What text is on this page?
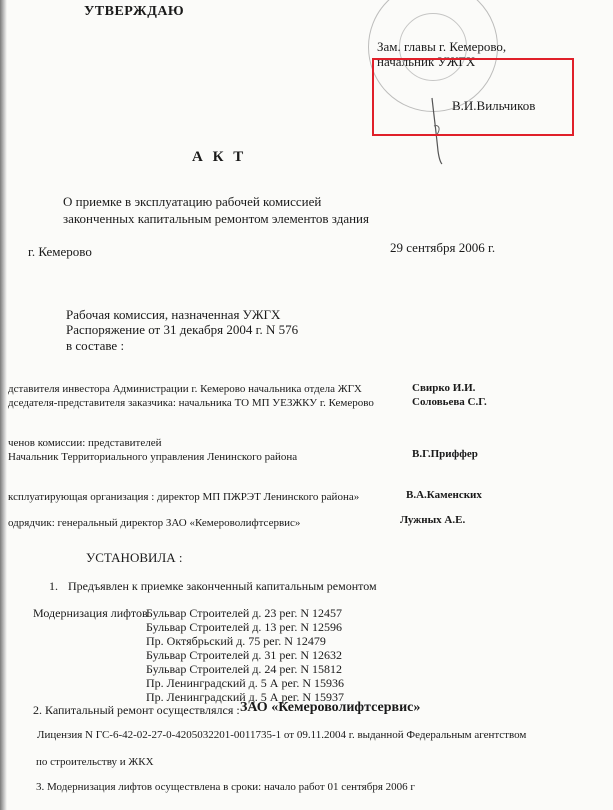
УТВЕРЖДАЮ
Зам. главы г. Кемерово,
начальник УЖГХ
В.И.Вильчиков
А К Т
О приемке в эксплуатацию рабочей комиссией
законченных капитальным ремонтом элементов здания
г. Кемерово	29 сентября 2006 г.
Рабочая комиссия, назначенная УЖГХ
Распоряжение от 31 декабря 2004 г. N 576
в составе :
дставителя инвестора Администрации г. Кемерово начальника отдела ЖГХ	Свирко И.И.
дседателя-представителя заказчика: начальника ТО МП УЕЗЖКУ г. Кемерово	Соловьева С.Г.
ченов комиссии: представителей
Начальник Территориального управления Ленинского района	В.Г.Приффер
ксплуатирующая организация : директор МП ПЖРЭТ Ленинского района»	В.А.Каменских
одрядчик: генеральный директор ЗАО «Кемероволифтсервис»	Лужных А.Е.
УСТАНОВИЛА :
1. Предъявлен к приемке законченный капитальным ремонтом
Модернизация лифтов
Бульвар Строителей д. 23 рег. N 12457
Бульвар Строителей д. 13 рег. N 12596
Пр. Октябрьский д. 75 рег. N 12479
Бульвар Строителей д. 31 рег. N 12632
Бульвар Строителей д. 24 рег. N 15812
Пр. Ленинградский д. 5 А рег. N 15936
Пр. Ленинградский д. 5 А рег. N 15937
2. Капитальный ремонт осуществлялся : ЗАО «Кемероволифтсервис»
Лицензия N ГС-6-42-02-27-0-4205032201-0011735-1 от 09.11.2004 г. выданной Федеральным агентством
по строительству и ЖКХ
3. Модернизация лифтов осуществлена в сроки: начало работ 01 сентября 2006 г
